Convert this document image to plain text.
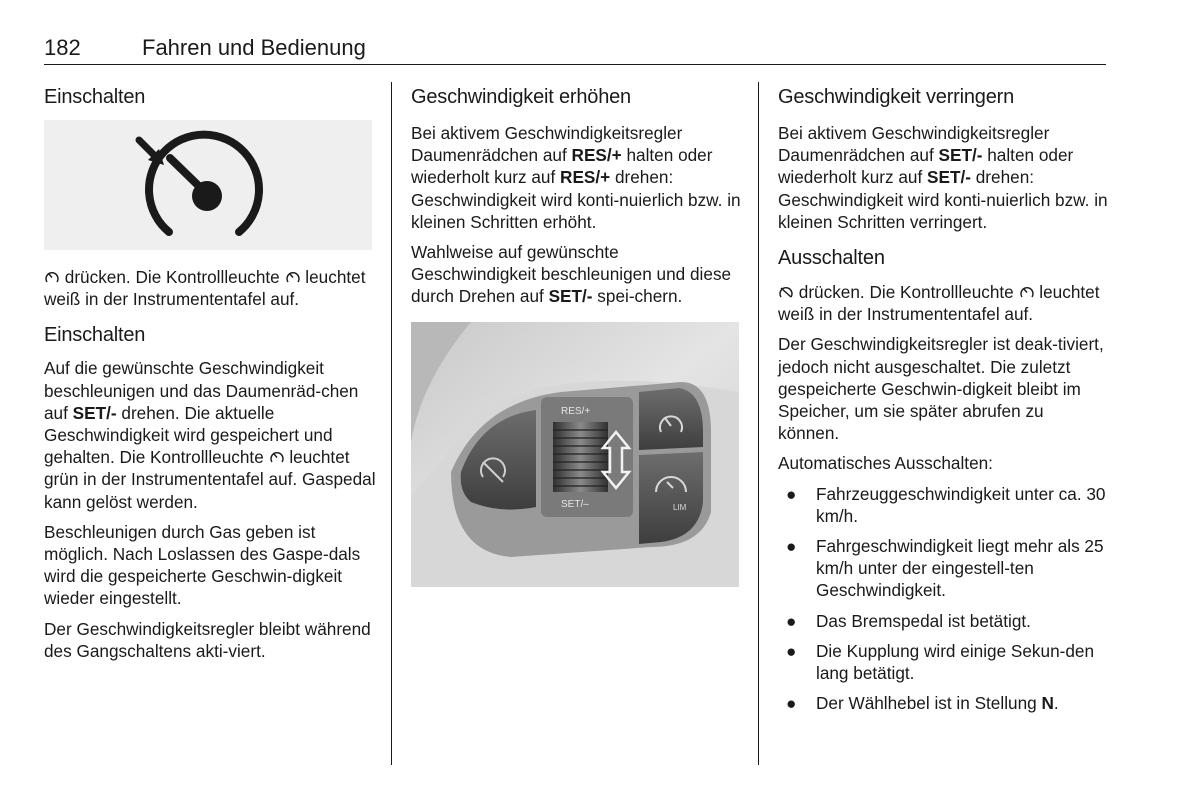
182	Fahren und Bedienung
Einschalten

drücken. Die Kontrollleuchte  leuchtet weiß in der Instrumententafel auf.

Einschalten

Auf die gewünschte Geschwindigkeit beschleunigen und das Daumenräd-chen auf SET/- drehen. Die aktuelle Geschwindigkeit wird gespeichert und gehalten. Die Kontrollleuchte  leuchtet grün in der Instrumententafel auf. Gaspedal kann gelöst werden.

Beschleunigen durch Gas geben ist möglich. Nach Loslassen des Gaspe-dals wird die gespeicherte Geschwin-digkeit wieder eingestellt.

Der Geschwindigkeitsregler bleibt während des Gangschaltens akti-viert.

Geschwindigkeit erhöhen

Bei aktivem Geschwindigkeitsregler Daumenrädchen auf RES/+ halten oder wiederholt kurz auf RES/+ drehen: Geschwindigkeit wird konti-nuierlich bzw. in kleinen Schritten erhöht.

Wahlweise auf gewünschte Geschwindigkeit beschleunigen und diese durch Drehen auf SET/- spei-chern.

RES/+
SET/–	LIM
Geschwindigkeit verringern

Bei aktivem Geschwindigkeitsregler Daumenrädchen auf SET/- halten oder wiederholt kurz auf SET/- drehen: Geschwindigkeit wird konti-nuierlich bzw. in kleinen Schritten verringert.

Ausschalten

drücken. Die Kontrollleuchte  leuchtet weiß in der Instrumententafel auf.

Der Geschwindigkeitsregler ist deak-tiviert, jedoch nicht ausgeschaltet. Die zuletzt gespeicherte Geschwin-digkeit bleibt im Speicher, um sie später abrufen zu können.

Automatisches Ausschalten:

●	Fahrzeuggeschwindigkeit unter ca. 30 km/h.
●	Fahrgeschwindigkeit liegt mehr als 25 km/h unter der eingestell-ten Geschwindigkeit.
●	Das Bremspedal ist betätigt.
●	Die Kupplung wird einige Sekun-den lang betätigt.
●	Der Wählhebel ist in Stellung N.
